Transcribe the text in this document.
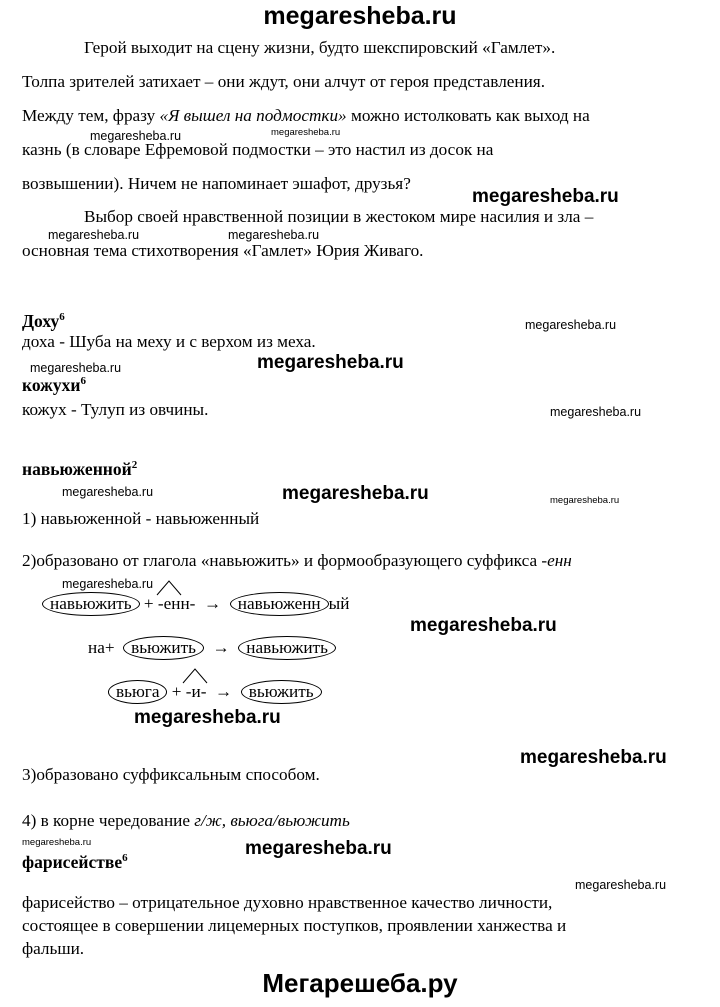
megaresheba.ru
Герой выходит на сцену жизни, будто шекспировский «Гамлет».
Толпа зрителей затихает – они ждут, они алчут от героя представления.
Между тем, фразу «Я вышел на подмостки» можно истолковать как выход на
казнь (в словаре Ефремовой подмостки – это настил из досок на
возвышении). Ничем не напоминает эшафот, друзья?
Выбор своей нравственной позиции в жестоком мире насилия и зла –
основная тема стихотворения «Гамлет» Юрия Живаго.
megaresheba.ru	megaresheba.ru
megaresheba.ru
megaresheba.ru	megaresheba.ru
Доху$^6$
megaresheba.ru
доха - Шуба на меху и с верхом из меха.
megaresheba.ru	megaresheba.ru
кожухи$^6$
кожух - Тулуп из овчины.	megaresheba.ru
навьюженной$^2$
megaresheba.ru	megaresheba.ru	megaresheba.ru
1) навьюженной - навьюженный
2)образовано от глагола «навьюжить» и формообразующего суффикса -енн
megaresheba.ru
навьюжить + -енн- → навьюженн ый
megaresheba.ru
на+ вьюжить → навьюжить
вьюга + -и- → вьюжить
megaresheba.ru
megaresheba.ru
3)образовано суффиксальным способом.
4) в корне чередование г/ж, вьюга/вьюжить
megaresheba.ru	megaresheba.ru
фарисействе$^6$
megaresheba.ru
фарисейство – отрицательное духовно нравственное качество личности,
состоящее в совершении лицемерных поступков, проявлении ханжества и
фальши.
Мегарешеба.ру
